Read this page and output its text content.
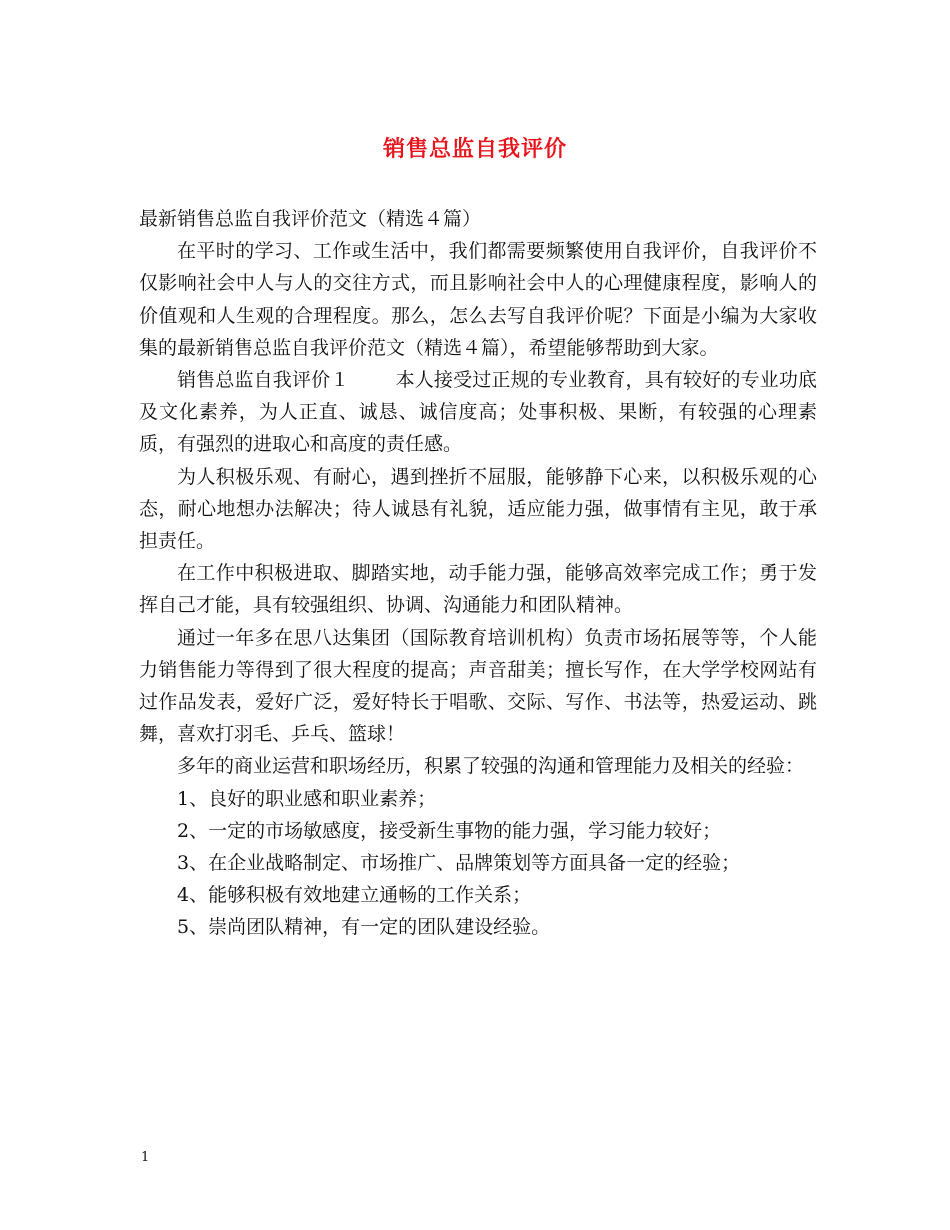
销售总监自我评价

最新销售总监自我评价范文（精选４篇）

在平时的学习、工作或生活中，我们都需要频繁使用自我评价，自我评价不仅影响社会中人与人的交往方式，而且影响社会中人的心理健康程度，影响人的价值观和人生观的合理程度。那么，怎么去写自我评价呢？下面是小编为大家收集的最新销售总监自我评价范文（精选４篇），希望能够帮助到大家。

销售总监自我评价１ 本人接受过正规的专业教育，具有较好的专业功底及文化素养，为人正直、诚恳、诚信度高；处事积极、果断，有较强的心理素质，有强烈的进取心和高度的责任感。

为人积极乐观、有耐心，遇到挫折不屈服，能够静下心来，以积极乐观的心态，耐心地想办法解决；待人诚恳有礼貌，适应能力强，做事情有主见，敢于承担责任。

在工作中积极进取、脚踏实地，动手能力强，能够高效率完成工作；勇于发挥自己才能，具有较强组织、协调、沟通能力和团队精神。

通过一年多在思八达集团（国际教育培训机构）负责市场拓展等等，个人能力销售能力等得到了很大程度的提高；声音甜美；擅长写作，在大学学校网站有过作品发表，爱好广泛，爱好特长于唱歌、交际、写作、书法等，热爱运动、跳舞，喜欢打羽毛、乒乓、篮球！

多年的商业运营和职场经历，积累了较强的沟通和管理能力及相关的经验：

1、良好的职业感和职业素养；

2、一定的市场敏感度，接受新生事物的能力强，学习能力较好；

3、在企业战略制定、市场推广、品牌策划等方面具备一定的经验；

4、能够积极有效地建立通畅的工作关系；

5、崇尚团队精神，有一定的团队建设经验。

1
